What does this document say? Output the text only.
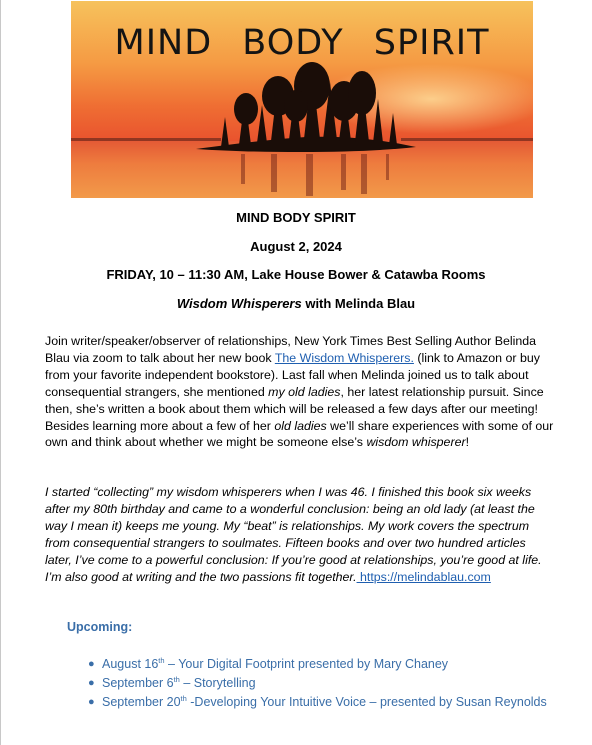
MIND BODY SPIRIT
MIND BODY SPIRIT
August 2, 2024
FRIDAY, 10 – 11:30 AM, Lake House Bower & Catawba Rooms
Wisdom Whisperers with Melinda Blau

Join writer/speaker/observer of relationships, New York Times Best Selling Author Belinda Blau via zoom to talk about her new book The Wisdom Whisperers. (link to Amazon or buy from your favorite independent bookstore). Last fall when Melinda joined us to talk about consequential strangers, she mentioned my old ladies, her latest relationship pursuit. Since then, she’s written a book about them which will be released a few days after our meeting! Besides learning more about a few of her old ladies we’ll share experiences with some of our own and think about whether we might be someone else’s wisdom whisperer!

I started “collecting” my wisdom whisperers when I was 46. I finished this book six weeks after my 80th birthday and came to a wonderful conclusion: being an old lady (at least the way I mean it) keeps me young. My “beat” is relationships. My work covers the spectrum from consequential strangers to soulmates. Fifteen books and over two hundred articles later, I’ve come to a powerful conclusion: If you’re good at relationships, you’re good at life. I’m also good at writing and the two passions fit together. https://melindablau.com

Upcoming:
● August 16th – Your Digital Footprint presented by Mary Chaney
● September 6th – Storytelling
● September 20th -Developing Your Intuitive Voice – presented by Susan Reynolds
